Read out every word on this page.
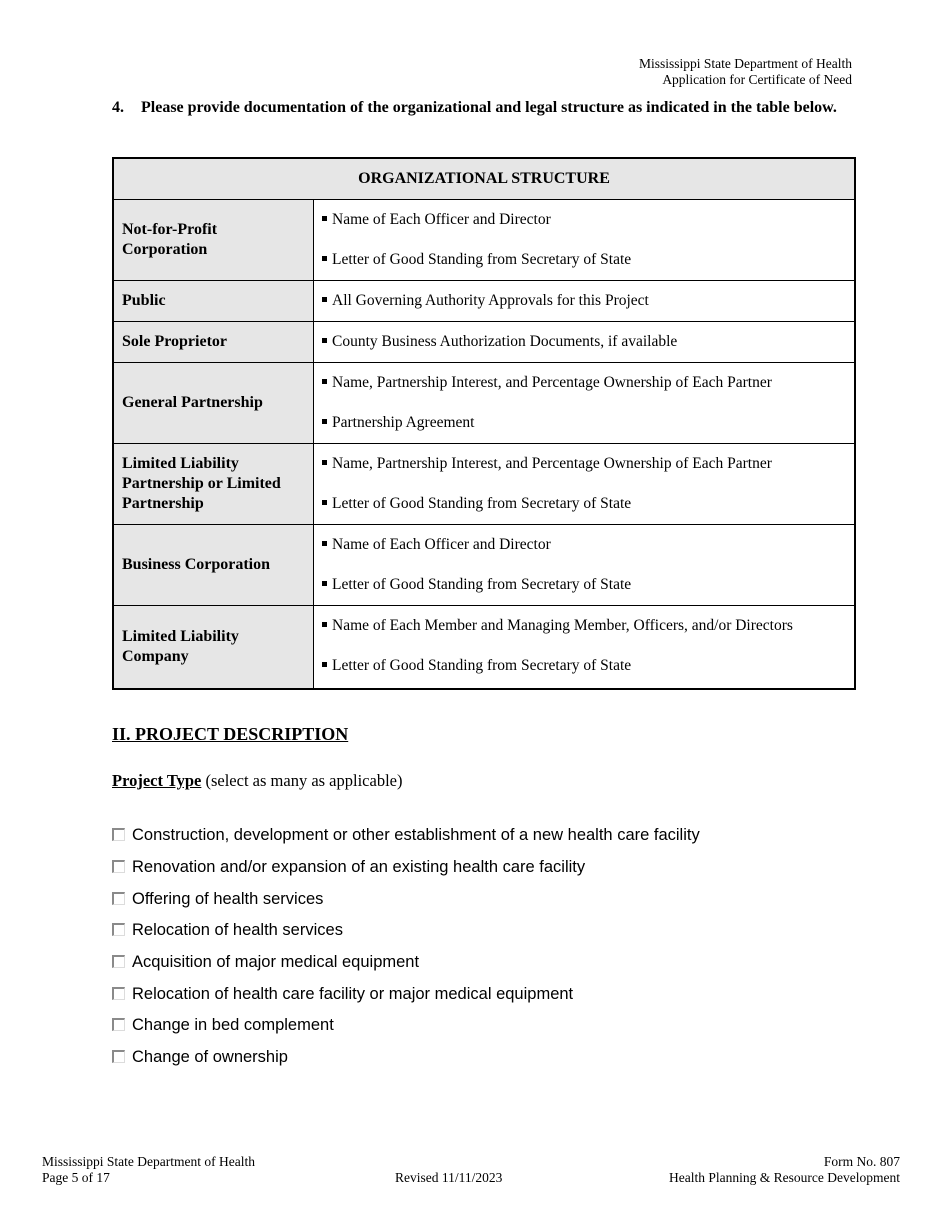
Mississippi State Department of Health
Application for Certificate of Need
4.	Please provide documentation of the organizational and legal structure as indicated in the table below.
ORGANIZATIONAL STRUCTURE	
Not-for-Profit Corporation	Name of Each Officer and Director
Letter of Good Standing from Secretary of State

Public	All Governing Authority Approvals for this Project

Sole Proprietor	County Business Authorization Documents, if available

General Partnership	Name, Partnership Interest, and Percentage Ownership of Each Partner
Partnership Agreement

Limited Liability Partnership or Limited Partnership	Name, Partnership Interest, and Percentage Ownership of Each Partner
Letter of Good Standing from Secretary of State

Business Corporation	Name of Each Officer and Director
Letter of Good Standing from Secretary of State

Limited Liability Company	Name of Each Member and Managing Member, Officers, and/or Directors
Letter of Good Standing from Secretary of State
II. PROJECT DESCRIPTION
Project Type (select as many as applicable)
Construction, development or other establishment of a new health care facility
Renovation and/or expansion of an existing health care facility
Offering of health services
Relocation of health services
Acquisition of major medical equipment
Relocation of health care facility or major medical equipment
Change in bed complement
Change of ownership
Mississippi State Department of Health
Page 5 of 17	Revised 11/11/2023
Form No. 807
Health Planning & Resource Development
